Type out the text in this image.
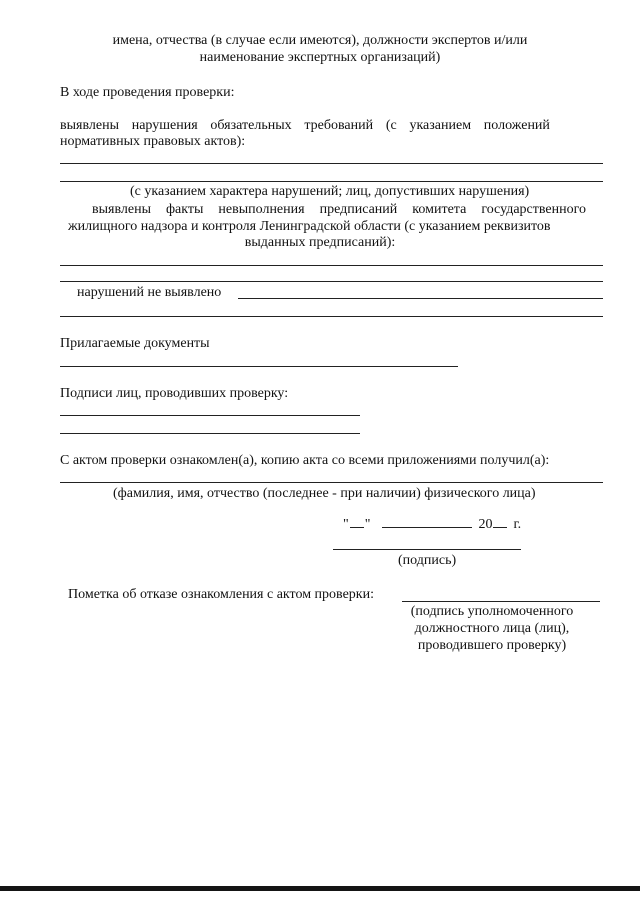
имена, отчества (в случае если имеются), должности экспертов и/или
наименование экспертных организаций)
В ходе проведения проверки:
выявлены нарушения обязательных требований (с указанием положений
нормативных правовых актов):
(с указанием характера нарушений; лиц, допустивших нарушения)
выявлены факты невыполнения предписаний комитета государственного
жилищного надзора и контроля Ленинградской области (с указанием реквизитов
выданных предписаний):
нарушений не выявлено
Прилагаемые документы
Подписи лиц, проводивших проверку:
С актом проверки ознакомлен(а), копию акта со всеми приложениями получил(а):
(фамилия, имя, отчество (последнее - при наличии) физического лица)
" "	20 г.
(подпись)
Пометка об отказе ознакомления с актом проверки:
(подпись уполномоченного
должностного лица (лиц),
проводившего проверку)
